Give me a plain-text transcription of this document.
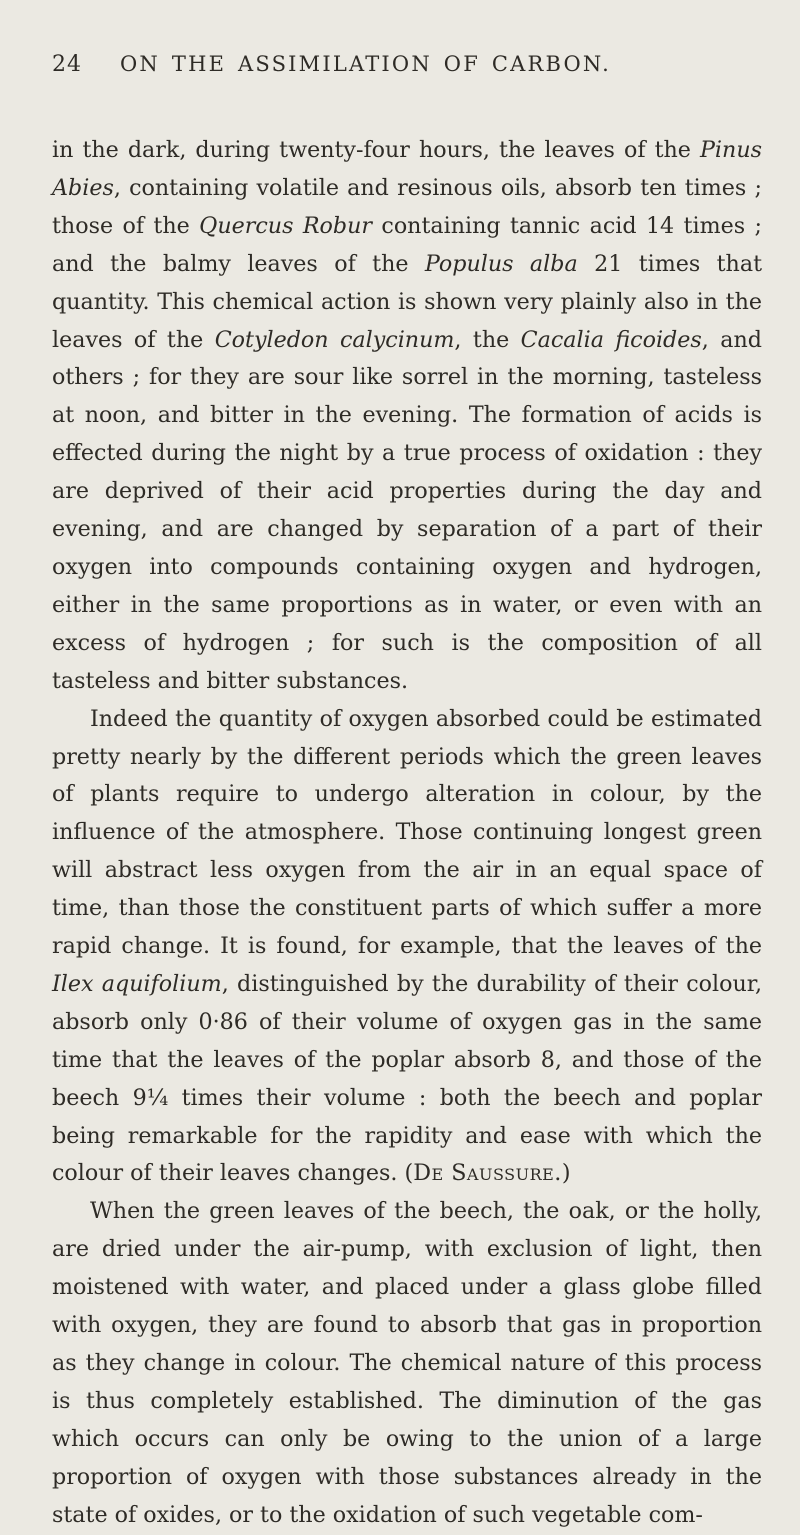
24 ON THE ASSIMILATION OF CARBON.

in the dark, during twenty-four hours, the leaves of the Pinus Abies, containing volatile and resinous oils, absorb ten times ; those of the Quercus Robur containing tannic acid 14 times ; and the balmy leaves of the Populus alba 21 times that quantity. This chemical action is shown very plainly also in the leaves of the Cotyledon calycinum, the Cacalia ficoides, and others ; for they are sour like sorrel in the morning, tasteless at noon, and bitter in the evening. The formation of acids is effected during the night by a true process of oxidation : they are deprived of their acid properties during the day and evening, and are changed by separation of a part of their oxygen into compounds containing oxygen and hydrogen, either in the same proportions as in water, or even with an excess of hydrogen ; for such is the composition of all tasteless and bitter substances.

Indeed the quantity of oxygen absorbed could be estimated pretty nearly by the different periods which the green leaves of plants require to undergo alteration in colour, by the influence of the atmosphere. Those continuing longest green will abstract less oxygen from the air in an equal space of time, than those the constituent parts of which suffer a more rapid change. It is found, for example, that the leaves of the Ilex aquifolium, distinguished by the durability of their colour, absorb only 0·86 of their volume of oxygen gas in the same time that the leaves of the poplar absorb 8, and those of the beech 9¼ times their volume : both the beech and poplar being remarkable for the rapidity and ease with which the colour of their leaves changes. (De Saussure.)

When the green leaves of the beech, the oak, or the holly, are dried under the air-pump, with exclusion of light, then moistened with water, and placed under a glass globe filled with oxygen, they are found to absorb that gas in proportion as they change in colour. The chemical nature of this process is thus completely established. The diminution of the gas which occurs can only be owing to the union of a large proportion of oxygen with those substances already in the state of oxides, or to the oxidation of such vegetable com-
